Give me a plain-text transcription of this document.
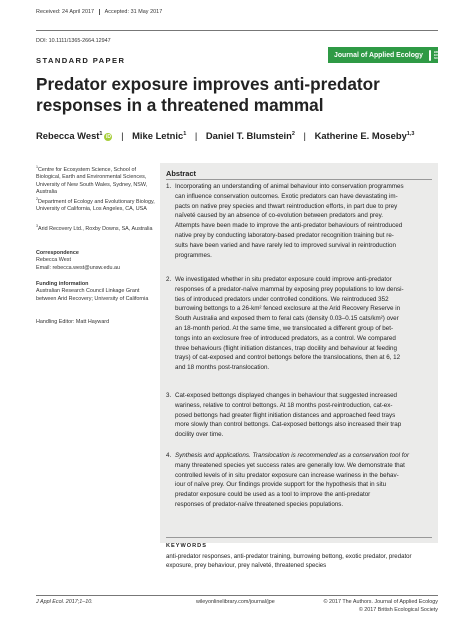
Received: 24 April 2017 Accepted: 31 May 2017
DOI: 10.1111/1365-2664.12947
STANDARD PAPER
Journal of Applied Ecology	BRITISH ECOLOGICAL SOCIETY
Predator exposure improves anti-predator responses in a threatened mammal
Rebecca West$^1$iD | Mike Letnic$^1$ | Daniel T. Blumstein$^2$ | Katherine E. Moseby$^{1,3}$
$^1$Centre for Ecosystem Science, School of Biological, Earth and Environmental Sciences, University of New South Wales, Sydney, NSW, Australia
$^2$Department of Ecology and Evolutionary Biology, University of California, Los Angeles, CA, USA
$^3$Arid Recovery Ltd., Roxby Downs, SA, Australia
Correspondence
Rebecca West
Email: rebecca.west@unsw.edu.au
Funding information
Australian Research Council Linkage Grant between Arid Recovery; University of California
Handling Editor: Matt Hayward
Abstract
1. Incorporating an understanding of animal behaviour into conservation programmes
can influence conservation outcomes. Exotic predators can have devastating im-
pacts on native prey species and thwart reintroduction efforts, in part due to prey
naïveté caused by an absence of co-evolution between predators and prey.
Attempts have been made to improve the anti-predator behaviours of reintroduced
native prey by conducting laboratory-based predator recognition training but re-
sults have been varied and have rarely led to improved survival in reintroduction
programmes.
2. We investigated whether in situ predator exposure could improve anti-predator
responses of a predator-naïve mammal by exposing prey populations to low densi-
ties of introduced predators under controlled conditions. We reintroduced 352
burrowing bettongs to a 26-km² fenced exclosure at the Arid Recovery Reserve in
South Australia and exposed them to feral cats (density 0.03–0.15 cats/km²) over
an 18-month period. At the same time, we translocated a different group of bet-
tongs into an exclosure free of introduced predators, as a control. We compared
three behaviours (flight initiation distances, trap docility and behaviour at feeding
trays) of cat-exposed and control bettongs before the translocations, then at 6, 12
and 18 months post-translocation.
3. Cat-exposed bettongs displayed changes in behaviour that suggested increased
wariness, relative to control bettongs. At 18 months post-reintroduction, cat-ex-
posed bettongs had greater flight initiation distances and approached feed trays
more slowly than control bettongs. Cat-exposed bettongs also increased their trap
docility over time.
4. Synthesis and applications. Translocation is recommended as a conservation tool for
many threatened species yet success rates are generally low. We demonstrate that
controlled levels of in situ predator exposure can increase wariness in the behav-
iour of naïve prey. Our findings provide support for the hypothesis that in situ
predator exposure could be used as a tool to improve the anti-predator
responses of predator-naïve threatened species populations.
KEYWORDS
anti-predator responses, anti-predator training, burrowing bettong, exotic predator, predator
exposure, prey behaviour, prey naïveté, threatened species
J Appl Ecol. 2017;1–10.	wileyonlinelibrary.com/journal/jpe	© 2017 The Authors. Journal of Applied Ecology
© 2017 British Ecological Society
